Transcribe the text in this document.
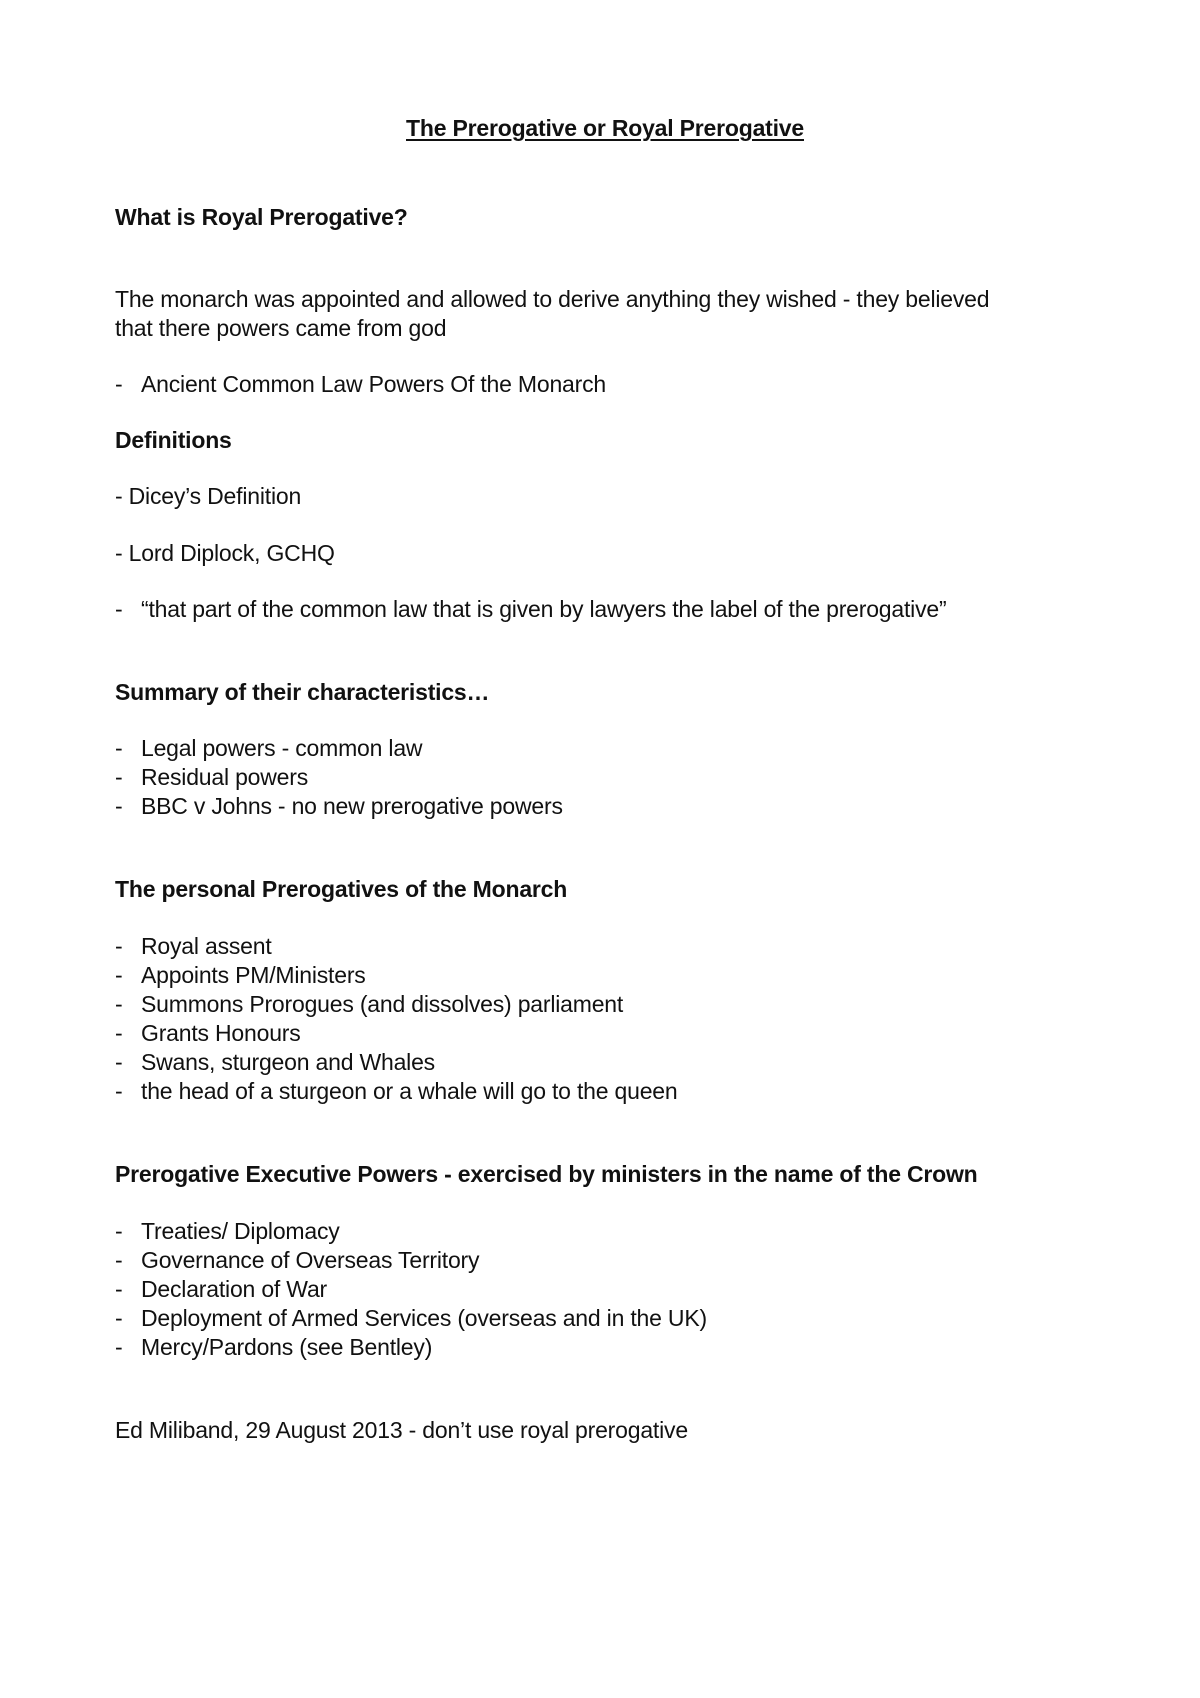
The Prerogative or Royal Prerogative
What is Royal Prerogative?
The monarch was appointed and allowed to derive anything they wished - they believed
that there powers came from god
- Ancient Common Law Powers Of the Monarch
Definitions
- Dicey’s Definition
- Lord Diplock, GCHQ
- “that part of the common law that is given by lawyers the label of the prerogative”
Summary of their characteristics…
- Legal powers - common law
- Residual powers
- BBC v Johns - no new prerogative powers
The personal Prerogatives of the Monarch
- Royal assent
- Appoints PM/Ministers
- Summons Prorogues (and dissolves) parliament
- Grants Honours
- Swans, sturgeon and Whales
- the head of a sturgeon or a whale will go to the queen
Prerogative Executive Powers - exercised by ministers in the name of the Crown
- Treaties/ Diplomacy
- Governance of Overseas Territory
- Declaration of War
- Deployment of Armed Services (overseas and in the UK)
- Mercy/Pardons (see Bentley)
Ed Miliband, 29 August 2013 - don’t use royal prerogative
